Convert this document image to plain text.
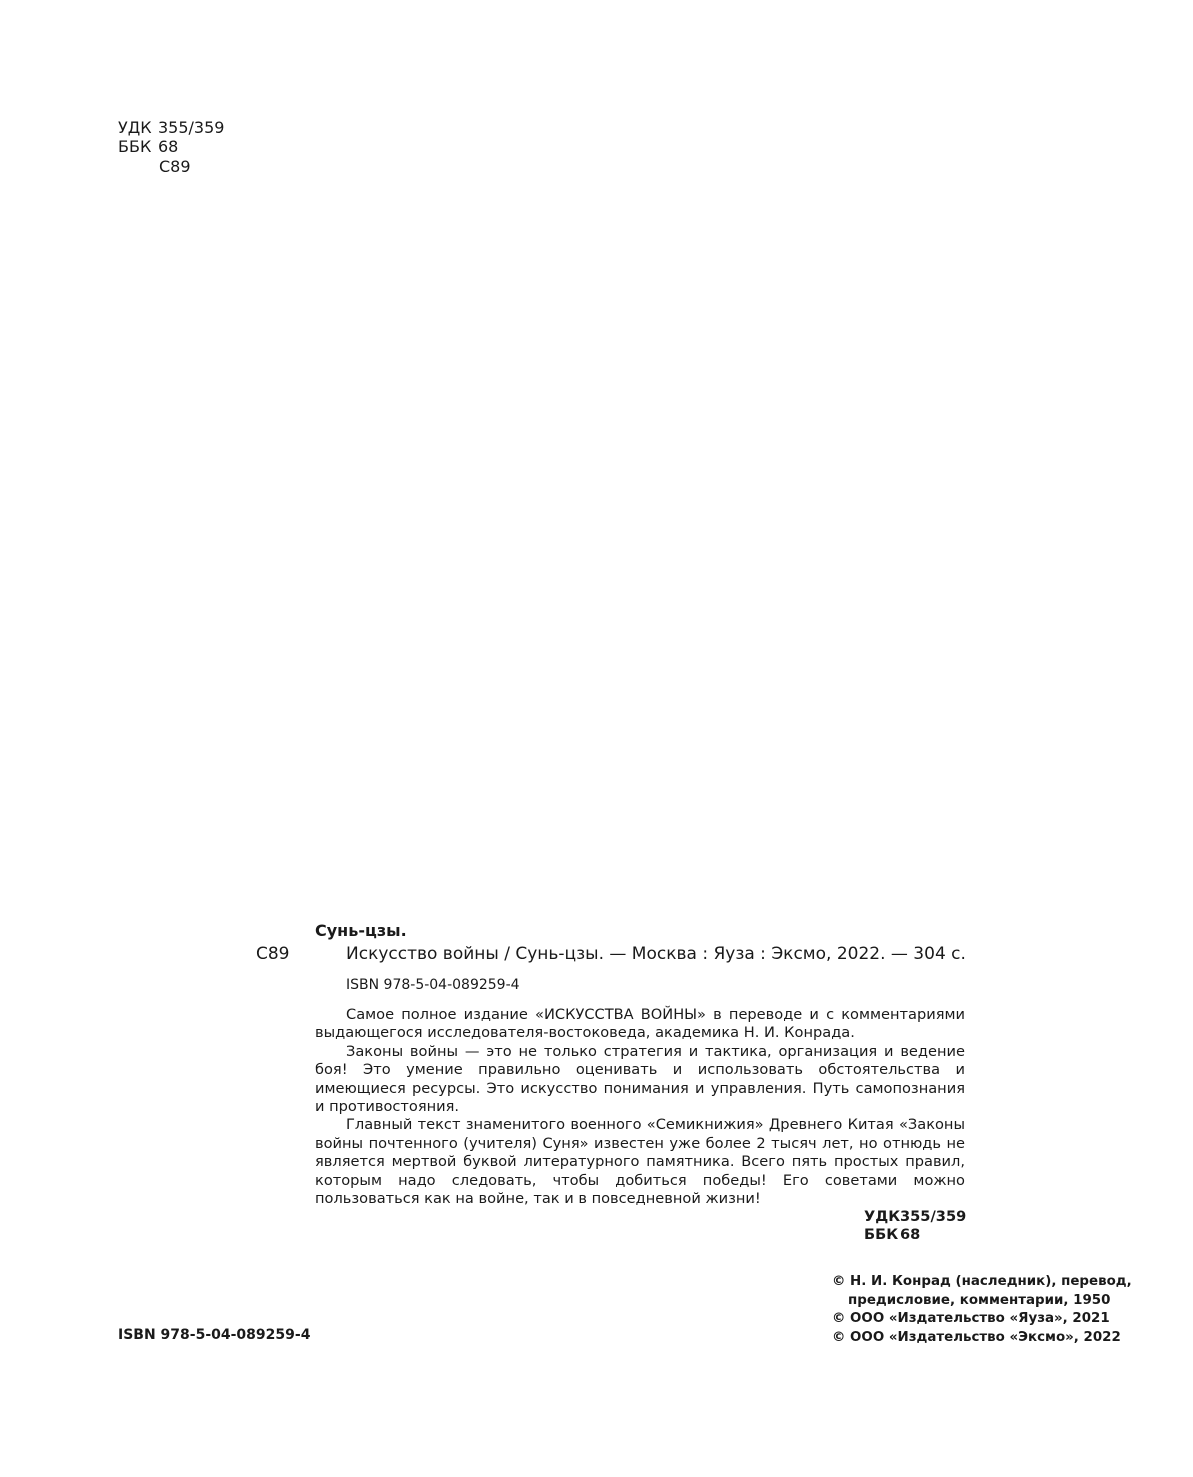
УДК 355/359
ББК 68
С89
Сунь-цзы.
С89	Искусство войны / Сунь-цзы. — Москва : Яуза : Эксмо, 2022. — 304 с.
ISBN 978-5-04-089259-4

Самое полное издание «ИСКУССТВА ВОЙНЫ» в переводе и с комментариями выдающегося исследователя-востоковеда, академика Н. И. Конрада.

Законы войны — это не только стратегия и тактика, организация и ведение боя! Это умение правильно оценивать и использовать обстоятельства и имеющиеся ресурсы. Это искусство понимания и управления. Путь самопознания и противостояния.

Главный текст знаменитого военного «Семикнижия» Древнего Китая «Законы войны почтенного (учителя) Суня» известен уже более 2 тысяч лет, но отнюдь не является мертвой буквой литературного памятника. Всего пять простых правил, которым надо следовать, чтобы добиться победы! Его советами можно пользоваться как на войне, так и в повседневной жизни!

УДК355/359
ББК 68
ISBN 978-5-04-089259-4
© Н. И. Конрад (наследник), перевод,
предисловие, комментарии, 1950
© ООО «Издательство «Яуза», 2021
© ООО «Издательство «Эксмо», 2022
